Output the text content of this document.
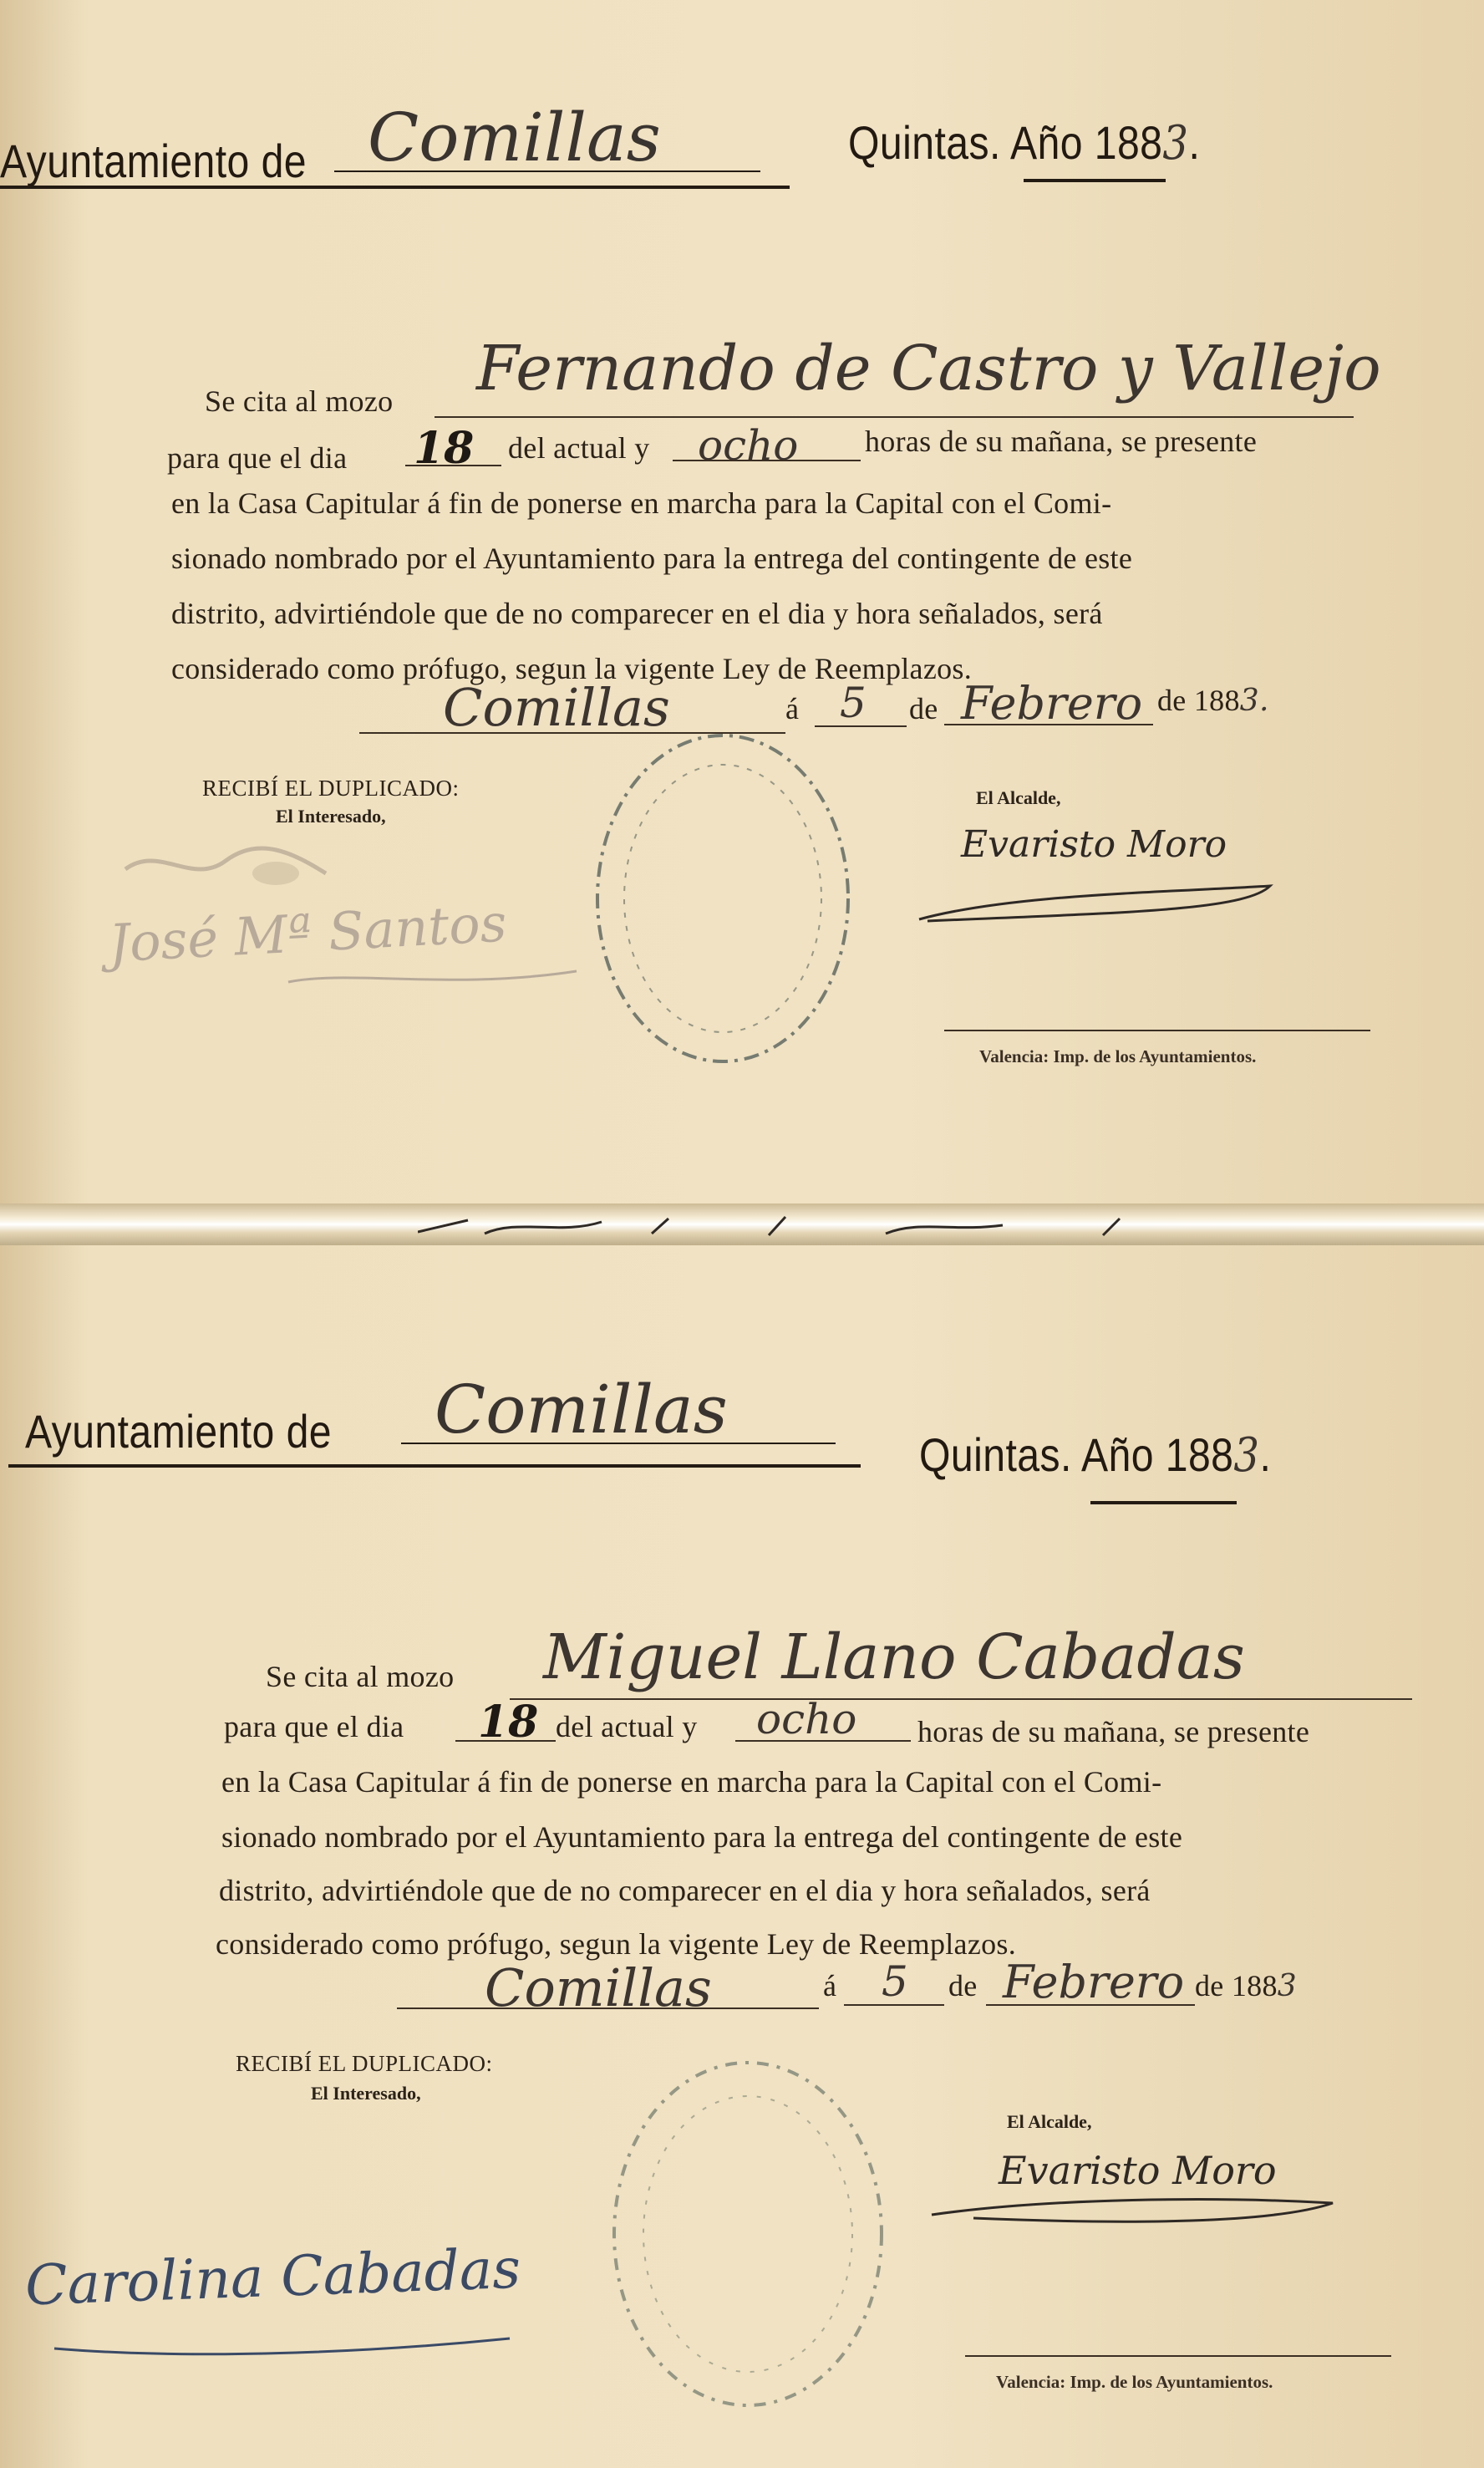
Ayuntamiento de Comillas	Quintas. Año 1883.
Se cita al mozo Fernando de Castro y Vallejo
para que el dia 18 del actual y ocho horas de su mañana, se presente
en la Casa Capitular á fin de ponerse en marcha para la Capital con el Comi-
sionado nombrado por el Ayuntamiento para la entrega del contingente de este
distrito, advirtiéndole que de no comparecer en el dia y hora señalados, será
considerado como prófugo, segun la vigente Ley de Reemplazos.
Comillas	á 5 de Febrero de 1883.
RECIBÍ EL DUPLICADO:
El Interesado,
José Mª Santos
El Alcalde,
Evaristo Moro
Valencia: Imp. de los Ayuntamientos.
Ayuntamiento de Comillas
Quintas. Año 1883.
Se cita al mozo Miguel Llano Cabadas
para que el dia 18 del actual y ocho horas de su mañana, se presente
en la Casa Capitular á fin de ponerse en marcha para la Capital con el Comi-
sionado nombrado por el Ayuntamiento para la entrega del contingente de este
distrito, advirtiéndole que de no comparecer en el dia y hora señalados, será
considerado como prófugo, segun la vigente Ley de Reemplazos.
Comillas	á 5 de Febrero de 1883
RECIBÍ EL DUPLICADO:
El Interesado,
Carolina Cabadas
El Alcalde,
Evaristo Moro
Valencia: Imp. de los Ayuntamientos.
